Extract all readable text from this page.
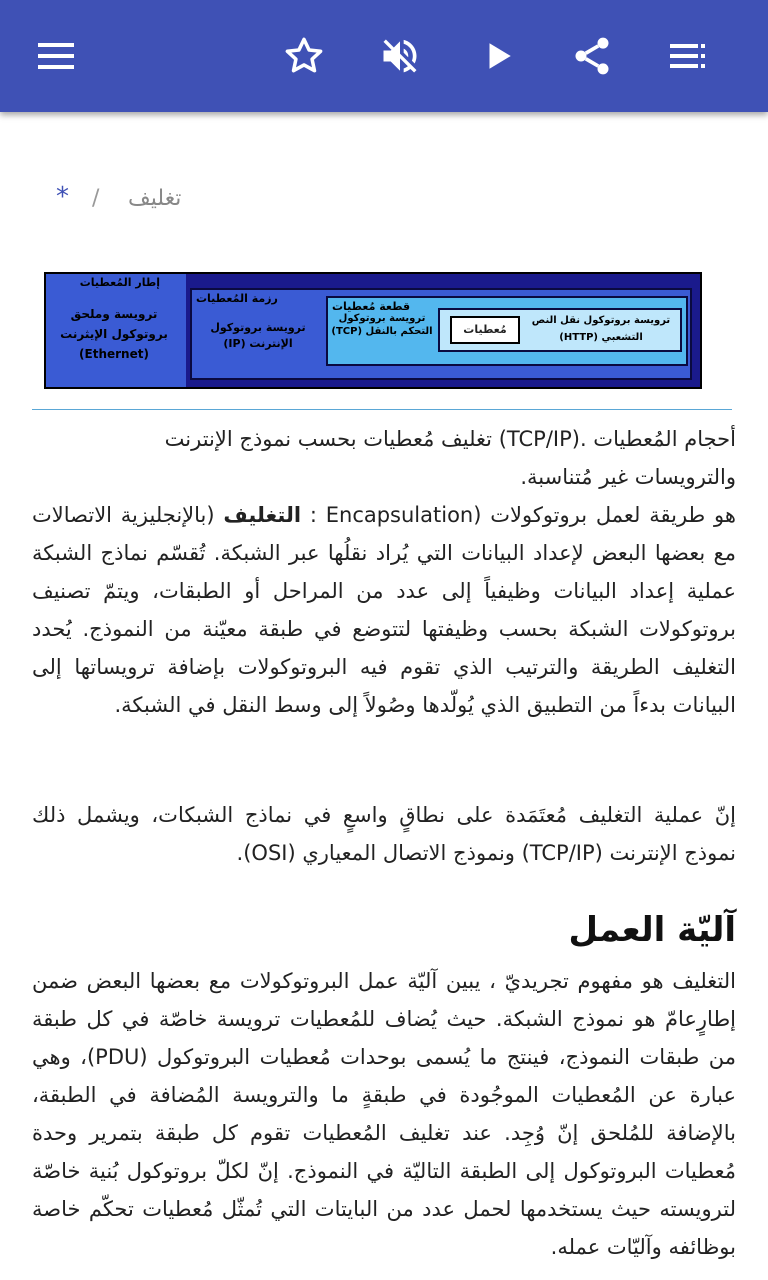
* / تغليف
إطار المُعطيات
ترويسة وملحق بروتوكول الإيثرنت (Ethernet)
رزمة المُعطيات
ترويسة بروتوكول الإنترنت (IP)
قطعة مُعطيات
ترويسة بروتوكول التحكم بالنقل (TCP)
ترويسة بروتوكول نقل النص التشعبي (HTTP)
مُعطيات
أحجام المُعطيات .(TCP/IP) تغليف مُعطيات بحسب نموذج الإنترنت
والترويسات غير مُتناسبة.
هو طريقة لعمل بروتوكولات (Encapsulation : التغليف (بالإنجليزية الاتصالات مع بعضها البعض لإعداد البيانات التي يُراد نقلُها عبر الشبكة. تُقسّم نماذج الشبكة عملية إعداد البيانات وظيفياً إلى عدد من المراحل أو الطبقات، ويتمّ تصنيف بروتوكولات الشبكة بحسب وظيفتها لتتوضع في طبقة معيّنة من النموذج. يُحدد التغليف الطريقة والترتيب الذي تقوم فيه البروتوكولات بإضافة ترويساتها إلى البيانات بدءاً من التطبيق الذي يُولّدها وصُولاً إلى وسط النقل في الشبكة.
إنّ عملية التغليف مُعتَمَدة على نطاقٍ واسعٍ في نماذج الشبكات، ويشمل ذلك نموذج الإنترنت (TCP/IP) ونموذج الاتصال المعياري (OSI).
آليّة العمل
التغليف هو مفهوم تجريديّ ، يبين آليّة عمل البروتوكولات مع بعضها البعض ضمن إطارٍعامّ هو نموذج الشبكة. حيث يُضاف للمُعطيات ترويسة خاصّة في كل طبقة من طبقات النموذج، فينتج ما يُسمى بوحدات مُعطيات البروتوكول (PDU)، وهي عبارة عن المُعطيات الموجُودة في طبقةٍ ما والترويسة المُضافة في الطبقة، بالإضافة للمُلحق إنّ وُجِد. عند تغليف المُعطيات تقوم كل طبقة بتمرير وحدة مُعطيات البروتوكول إلى الطبقة التاليّة في النموذج. إنّ لكلّ بروتوكول بُنية خاصّة لترويسته حيث يستخدمها لحمل عدد من البايتات التي تُمثّل مُعطيات تحكّم خاصة بوظائفه وآليّات عمله.
